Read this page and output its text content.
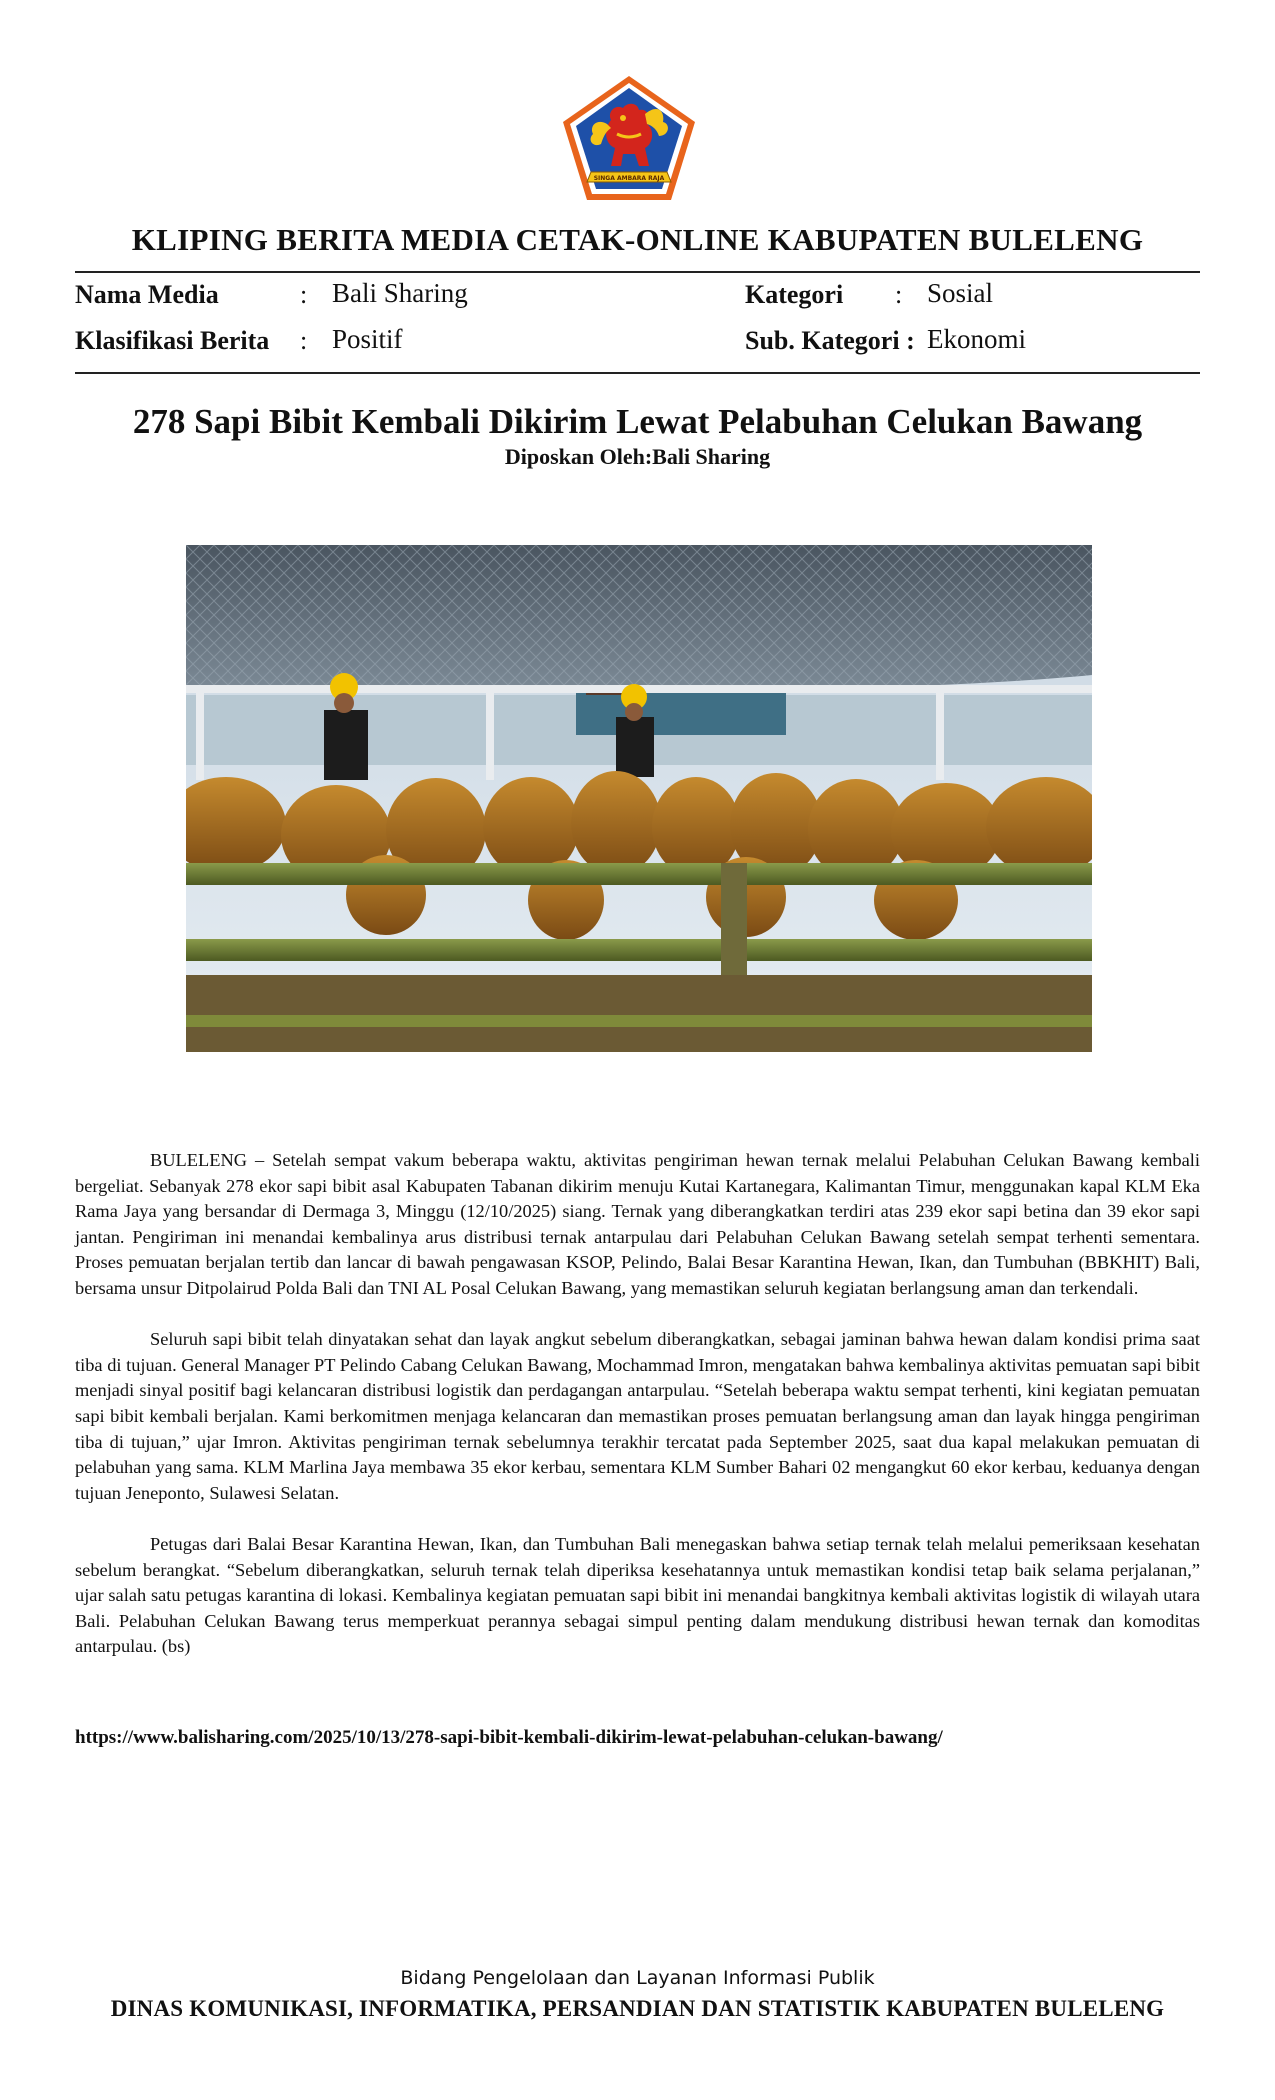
SINGA AMBARA RAJA
KLIPING BERITA MEDIA CETAK-ONLINE KABUPATEN BULELENG
Nama Media	: Bali Sharing	Kategori : Sosial
Klasifikasi Berita : Positif	Sub. Kategori : Ekonomi
278 Sapi Bibit Kembali Dikirim Lewat Pelabuhan Celukan Bawang
Diposkan Oleh:Bali Sharing

BULELENG – Setelah sempat vakum beberapa waktu, aktivitas pengiriman hewan ternak melalui Pelabuhan Celukan Bawang kembali bergeliat. Sebanyak 278 ekor sapi bibit asal Kabupaten Tabanan dikirim menuju Kutai Kartanegara, Kalimantan Timur, menggunakan kapal KLM Eka Rama Jaya yang bersandar di Dermaga 3, Minggu (12/10/2025) siang. Ternak yang diberangkatkan terdiri atas 239 ekor sapi betina dan 39 ekor sapi jantan. Pengiriman ini menandai kembalinya arus distribusi ternak antarpulau dari Pelabuhan Celukan Bawang setelah sempat terhenti sementara. Proses pemuatan berjalan tertib dan lancar di bawah pengawasan KSOP, Pelindo, Balai Besar Karantina Hewan, Ikan, dan Tumbuhan (BBKHIT) Bali, bersama unsur Ditpolairud Polda Bali dan TNI AL Posal Celukan Bawang, yang memastikan seluruh kegiatan berlangsung aman dan terkendali.

Seluruh sapi bibit telah dinyatakan sehat dan layak angkut sebelum diberangkatkan, sebagai jaminan bahwa hewan dalam kondisi prima saat tiba di tujuan. General Manager PT Pelindo Cabang Celukan Bawang, Mochammad Imron, mengatakan bahwa kembalinya aktivitas pemuatan sapi bibit menjadi sinyal positif bagi kelancaran distribusi logistik dan perdagangan antarpulau. “Setelah beberapa waktu sempat terhenti, kini kegiatan pemuatan sapi bibit kembali berjalan. Kami berkomitmen menjaga kelancaran dan memastikan proses pemuatan berlangsung aman dan layak hingga pengiriman tiba di tujuan,” ujar Imron. Aktivitas pengiriman ternak sebelumnya terakhir tercatat pada September 2025, saat dua kapal melakukan pemuatan di pelabuhan yang sama. KLM Marlina Jaya membawa 35 ekor kerbau, sementara KLM Sumber Bahari 02 mengangkut 60 ekor kerbau, keduanya dengan tujuan Jeneponto, Sulawesi Selatan.

Petugas dari Balai Besar Karantina Hewan, Ikan, dan Tumbuhan Bali menegaskan bahwa setiap ternak telah melalui pemeriksaan kesehatan sebelum berangkat. “Sebelum diberangkatkan, seluruh ternak telah diperiksa kesehatannya untuk memastikan kondisi tetap baik selama perjalanan,” ujar salah satu petugas karantina di lokasi. Kembalinya kegiatan pemuatan sapi bibit ini menandai bangkitnya kembali aktivitas logistik di wilayah utara Bali. Pelabuhan Celukan Bawang terus memperkuat perannya sebagai simpul penting dalam mendukung distribusi hewan ternak dan komoditas antarpulau. (bs)

https://www.balisharing.com/2025/10/13/278-sapi-bibit-kembali-dikirim-lewat-pelabuhan-celukan-bawang/
Bidang Pengelolaan dan Layanan Informasi Publik
DINAS KOMUNIKASI, INFORMATIKA, PERSANDIAN DAN STATISTIK KABUPATEN BULELENG
